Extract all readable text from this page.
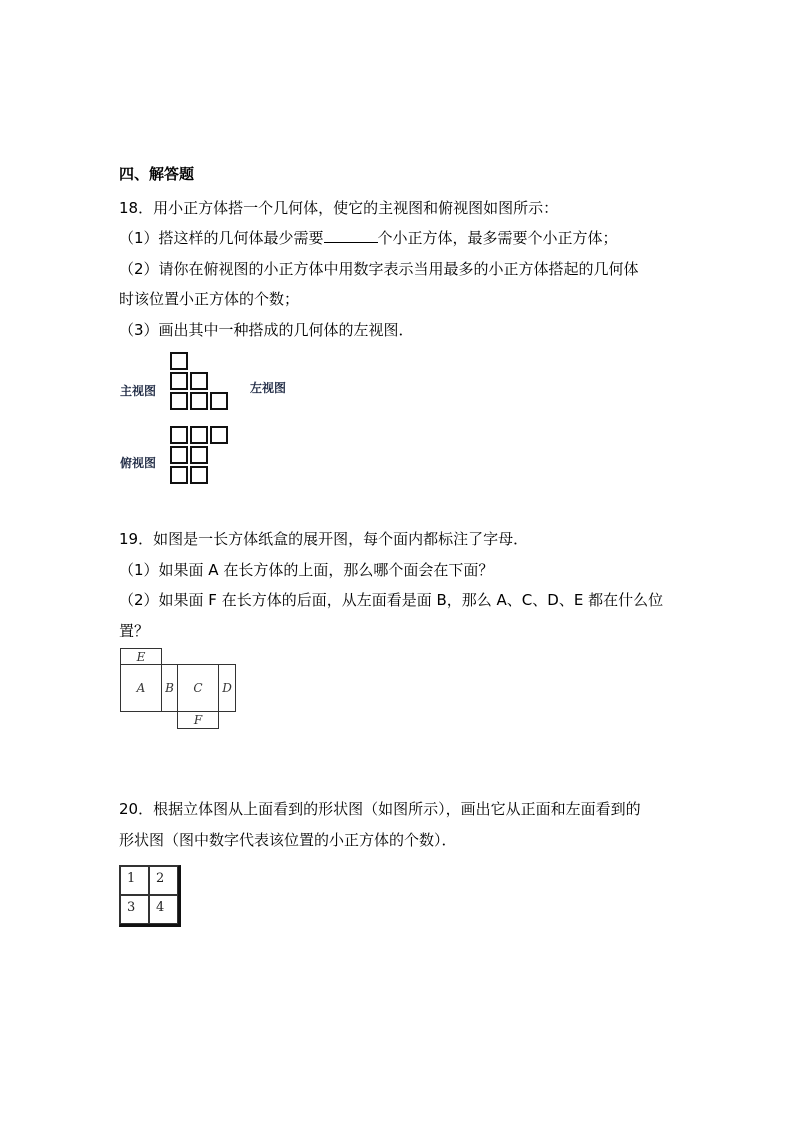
四、解答题
18．用小正方体搭一个几何体，使它的主视图和俯视图如图所示：
（1）搭这样的几何体最少需要	个小正方体，最多需要个小正方体；
（2）请你在俯视图的小正方体中用数字表示当用最多的小正方体搭起的几何体
时该位置小正方体的个数；
（3）画出其中一种搭成的几何体的左视图．
主视图	左视图
俯视图
19．如图是一长方体纸盒的展开图，每个面内都标注了字母．
（1）如果面 A 在长方体的上面，那么哪个面会在下面？
（2）如果面 F 在长方体的后面，从左面看是面 B，那么 A、C、D、E 都在什么位
置？
E
A	B	C	D
F
20．根据立体图从上面看到的形状图（如图所示），画出它从正面和左面看到的
形状图（图中数字代表该位置的小正方体的个数）．
1	2
3	4
